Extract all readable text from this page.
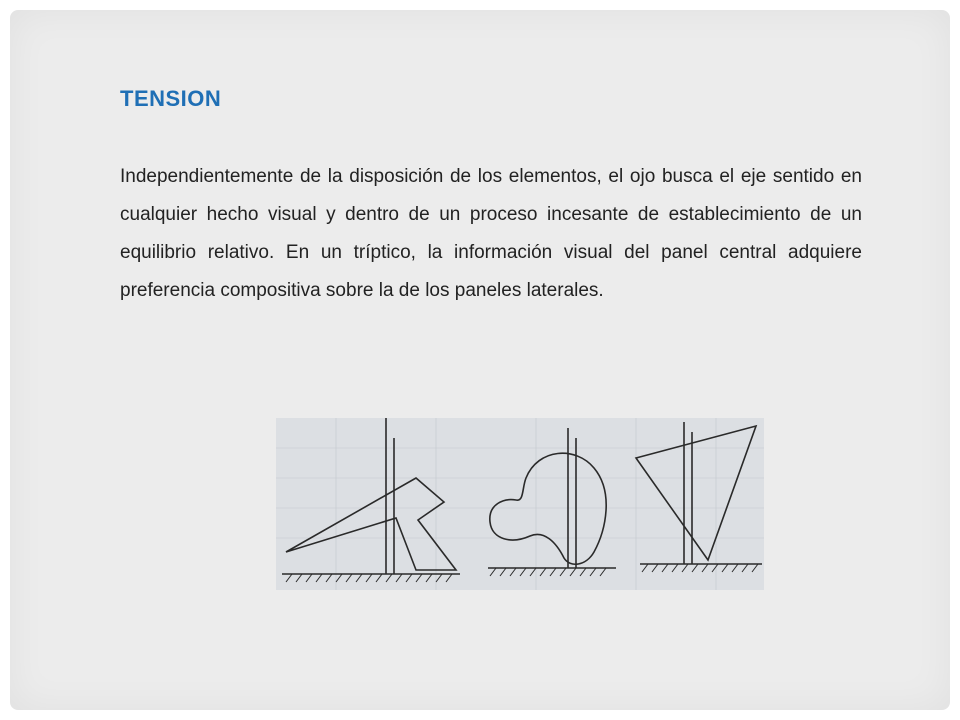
TENSION
Independientemente de la disposición de los elementos, el ojo busca el eje sentido en cualquier hecho visual y dentro de un proceso incesante de establecimiento de un equilibrio relativo. En un tríptico, la información visual del panel central adquiere preferencia compositiva sobre la de los paneles laterales.
